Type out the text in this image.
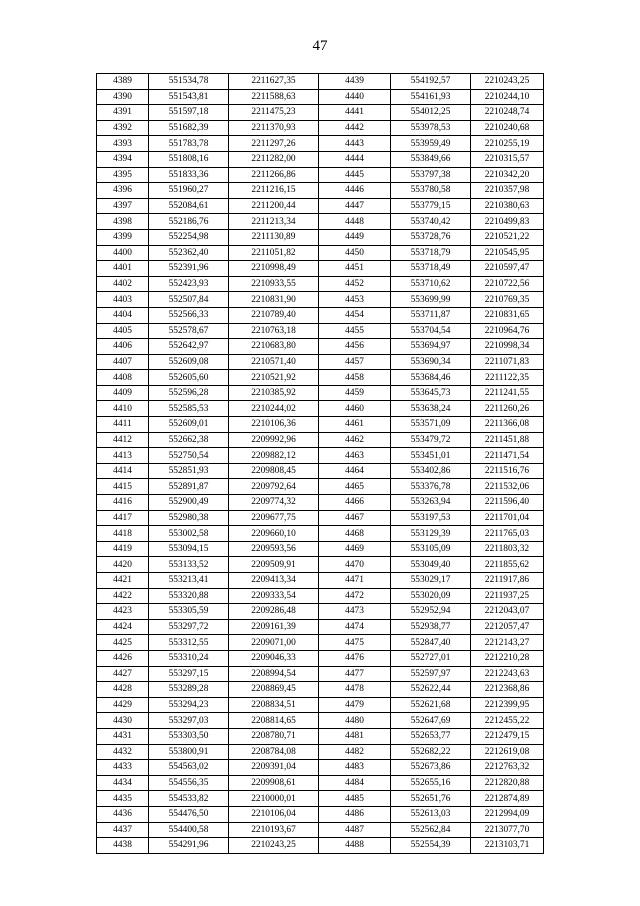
47
4389	551534,78	2211627,35	4439	554192,57	2210243,25
4390	551543,81	2211588,63	4440	554161,93	2210244,10
4391	551597,18	2211475,23	4441	554012,25	2210248,74
4392	551682,39	2211370,93	4442	553978,53	2210240,68
4393	551783,78	2211297,26	4443	553959,49	2210255,19
4394	551808,16	2211282,00	4444	553849,66	2210315,57
4395	551833,36	2211266,86	4445	553797,38	2210342,20
4396	551960,27	2211216,15	4446	553780,58	2210357,98
4397	552084,61	2211200,44	4447	553779,15	2210380,63
4398	552186,76	2211213,34	4448	553740,42	2210499,83
4399	552254,98	2211130,89	4449	553728,76	2210521,22
4400	552362,40	2211051,82	4450	553718,79	2210545,95
4401	552391,96	2210998,49	4451	553718,49	2210597,47
4402	552423,93	2210933,55	4452	553710,62	2210722,56
4403	552507,84	2210831,90	4453	553699,99	2210769,35
4404	552566,33	2210789,40	4454	553711,87	2210831,65
4405	552578,67	2210763,18	4455	553704,54	2210964,76
4406	552642,97	2210683,80	4456	553694,97	2210998,34
4407	552609,08	2210571,40	4457	553690,34	2211071,83
4408	552605,60	2210521,92	4458	553684,46	2211122,35
4409	552596,28	2210385,92	4459	553645,73	2211241,55
4410	552585,53	2210244,02	4460	553638,24	2211260,26
4411	552609,01	2210106,36	4461	553571,09	2211366,08
4412	552662,38	2209992,96	4462	553479,72	2211451,88
4413	552750,54	2209882,12	4463	553451,01	2211471,54
4414	552851,93	2209808,45	4464	553402,86	2211516,76
4415	552891,87	2209792,64	4465	553376,78	2211532,06
4416	552900,49	2209774,32	4466	553263,94	2211596,40
4417	552980,38	2209677,75	4467	553197,53	2211701,04
4418	553002,58	2209660,10	4468	553129,39	2211765,03
4419	553094,15	2209593,56	4469	553105,09	2211803,32
4420	553133,52	2209509,91	4470	553049,40	2211855,62
4421	553213,41	2209413,34	4471	553029,17	2211917,86
4422	553320,88	2209333,54	4472	553020,09	2211937,25
4423	553305,59	2209286,48	4473	552952,94	2212043,07
4424	553297,72	2209161,39	4474	552938,77	2212057,47
4425	553312,55	2209071,00	4475	552847,40	2212143,27
4426	553310,24	2209046,33	4476	552727,01	2212210,28
4427	553297,15	2208994,54	4477	552597,97	2212243,63
4428	553289,28	2208869,45	4478	552622,44	2212368,86
4429	553294,23	2208834,51	4479	552621,68	2212399,95
4430	553297,03	2208814,65	4480	552647,69	2212455,22
4431	553303,50	2208780,71	4481	552653,77	2212479,15
4432	553800,91	2208784,08	4482	552682,22	2212619,08
4433	554563,02	2209391,04	4483	552673,86	2212763,32
4434	554556,35	2209908,61	4484	552655,16	2212820,88
4435	554533,82	2210000,01	4485	552651,76	2212874,89
4436	554476,50	2210106,04	4486	552613,03	2212994,09
4437	554400,58	2210193,67	4487	552562,84	2213077,70
4438	554291,96	2210243,25	4488	552554,39	2213103,71
